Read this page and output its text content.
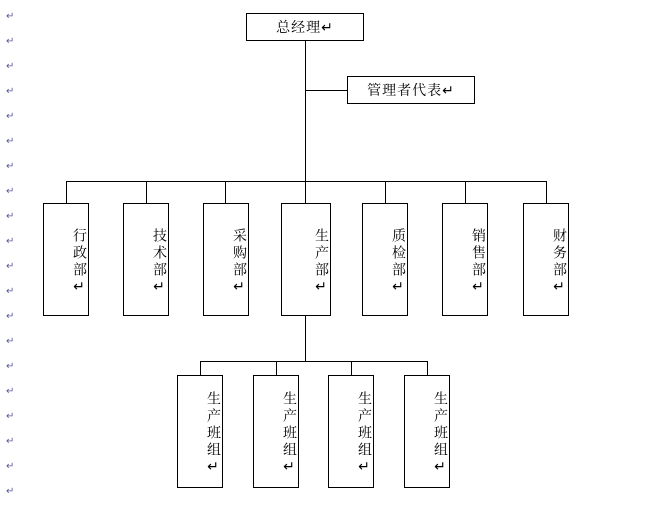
↵
↵
↵
↵
↵
↵
↵
↵
↵
↵
↵
↵
↵
↵
↵
↵
↵
↵
↵
↵
总经理↵
管理者代表↵
行政部↵	技术部↵	采购部↵	生产部↵	质检部↵	销售部↵	财务部↵
生产班组↵	生产班组↵	生产班组↵	生产班组↵
